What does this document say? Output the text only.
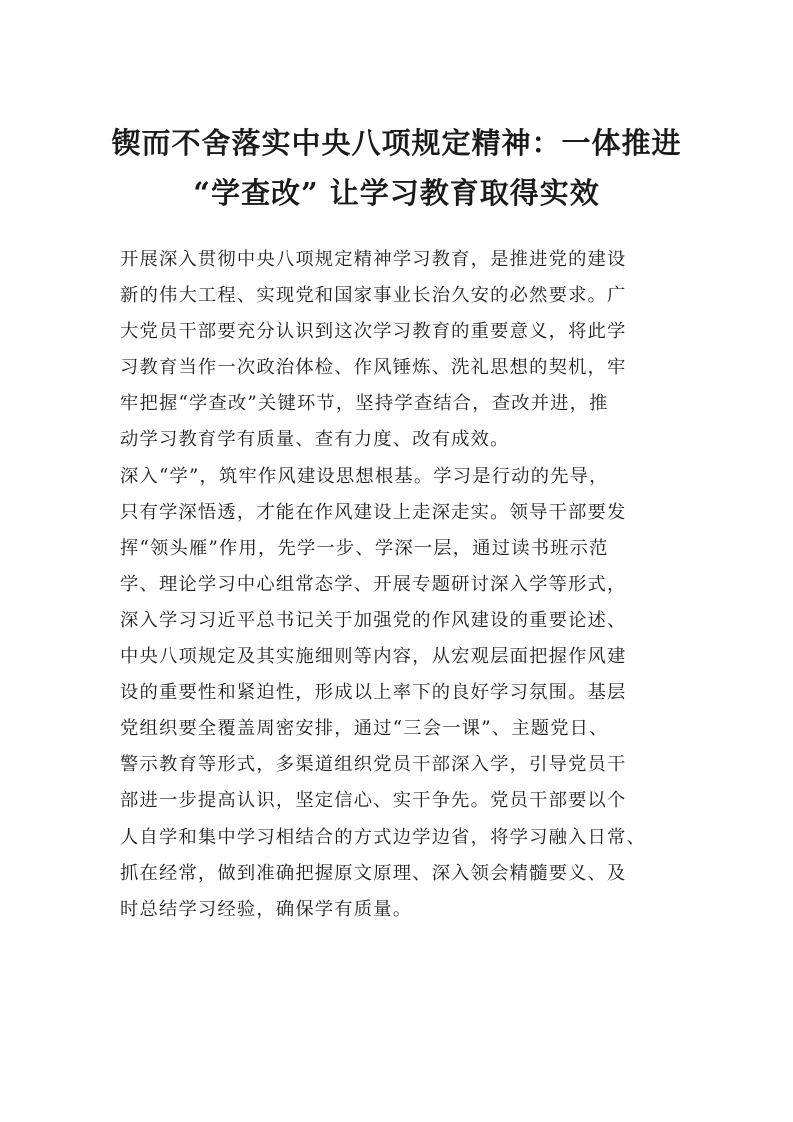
锲而不舍落实中央八项规定精神：一体推进
“学查改” 让学习教育取得实效
开展深入贯彻中央八项规定精神学习教育，是推进党的建设
新的伟大工程、实现党和国家事业长治久安的必然要求。广
大党员干部要充分认识到这次学习教育的重要意义，将此学
习教育当作一次政治体检、作风锤炼、洗礼思想的契机，牢
牢把握“学查改”关键环节，坚持学查结合，查改并进，推
动学习教育学有质量、查有力度、改有成效。
深入“学”，筑牢作风建设思想根基。学习是行动的先导，
只有学深悟透，才能在作风建设上走深走实。领导干部要发
挥“领头雁”作用，先学一步、学深一层，通过读书班示范
学、理论学习中心组常态学、开展专题研讨深入学等形式，
深入学习习近平总书记关于加强党的作风建设的重要论述、
中央八项规定及其实施细则等内容，从宏观层面把握作风建
设的重要性和紧迫性，形成以上率下的良好学习氛围。基层
党组织要全覆盖周密安排，通过“三会一课”、主题党日、
警示教育等形式，多渠道组织党员干部深入学，引导党员干
部进一步提高认识，坚定信心、实干争先。党员干部要以个
人自学和集中学习相结合的方式边学边省，将学习融入日常、
抓在经常，做到准确把握原文原理、深入领会精髓要义、及
时总结学习经验，确保学有质量。
